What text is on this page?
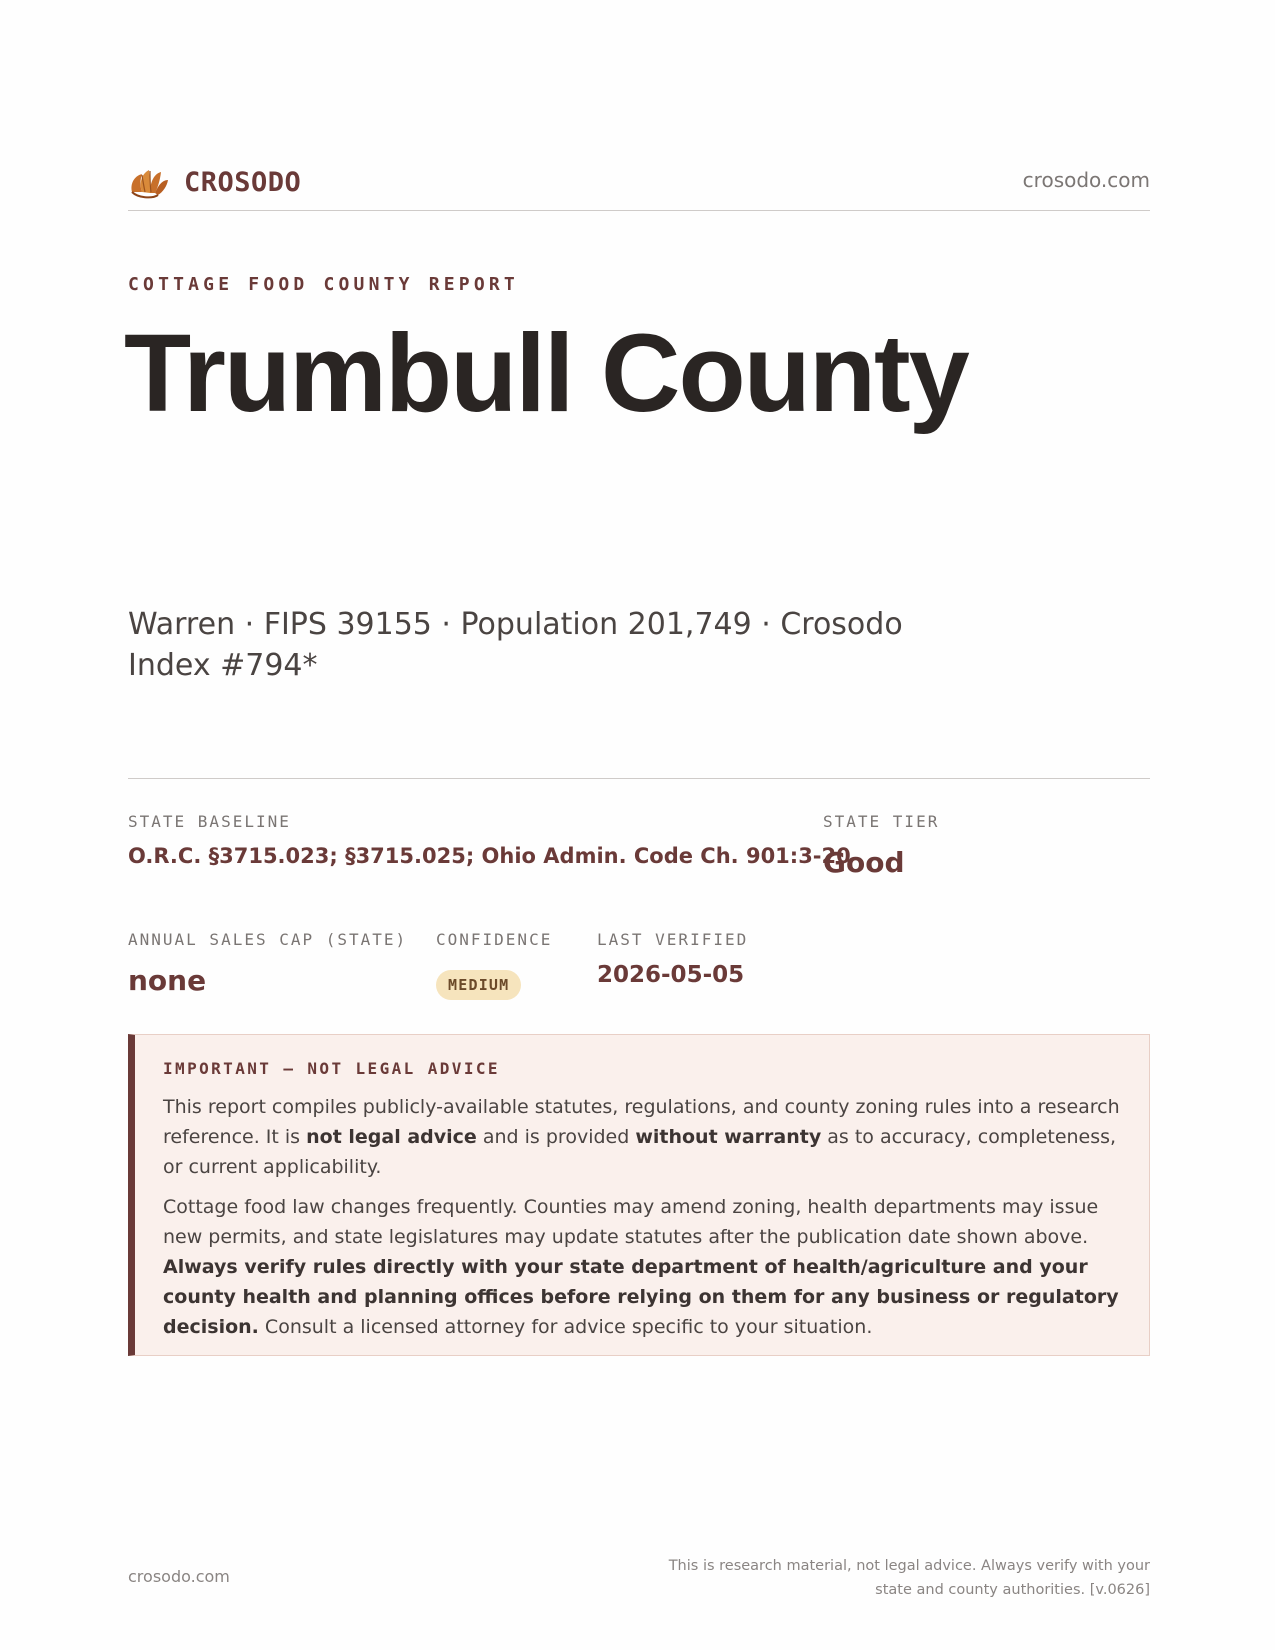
CROSODO	crosodo.com
COTTAGE FOOD COUNTY REPORT
Trumbull County
Warren · FIPS 39155 · Population 201,749 · Crosodo Index #794*
STATE BASELINE
O.R.C. §3715.023; §3715.025; Ohio Admin. Code Ch. 901:3-20
STATE TIER
Good
ANNUAL SALES CAP (STATE)
none
CONFIDENCE
MEDIUM
LAST VERIFIED
2026-05-05
IMPORTANT — NOT LEGAL ADVICE

This report compiles publicly-available statutes, regulations, and county zoning rules into a research reference. It is not legal advice and is provided without warranty as to accuracy, completeness, or current applicability.

Cottage food law changes frequently. Counties may amend zoning, health departments may issue new permits, and state legislatures may update statutes after the publication date shown above. Always verify rules directly with your state department of health/agriculture and your county health and planning offices before relying on them for any business or regulatory decision. Consult a licensed attorney for advice specific to your situation.

crosodo.com
This is research material, not legal advice. Always verify with your state and county authorities. [v.0626]
